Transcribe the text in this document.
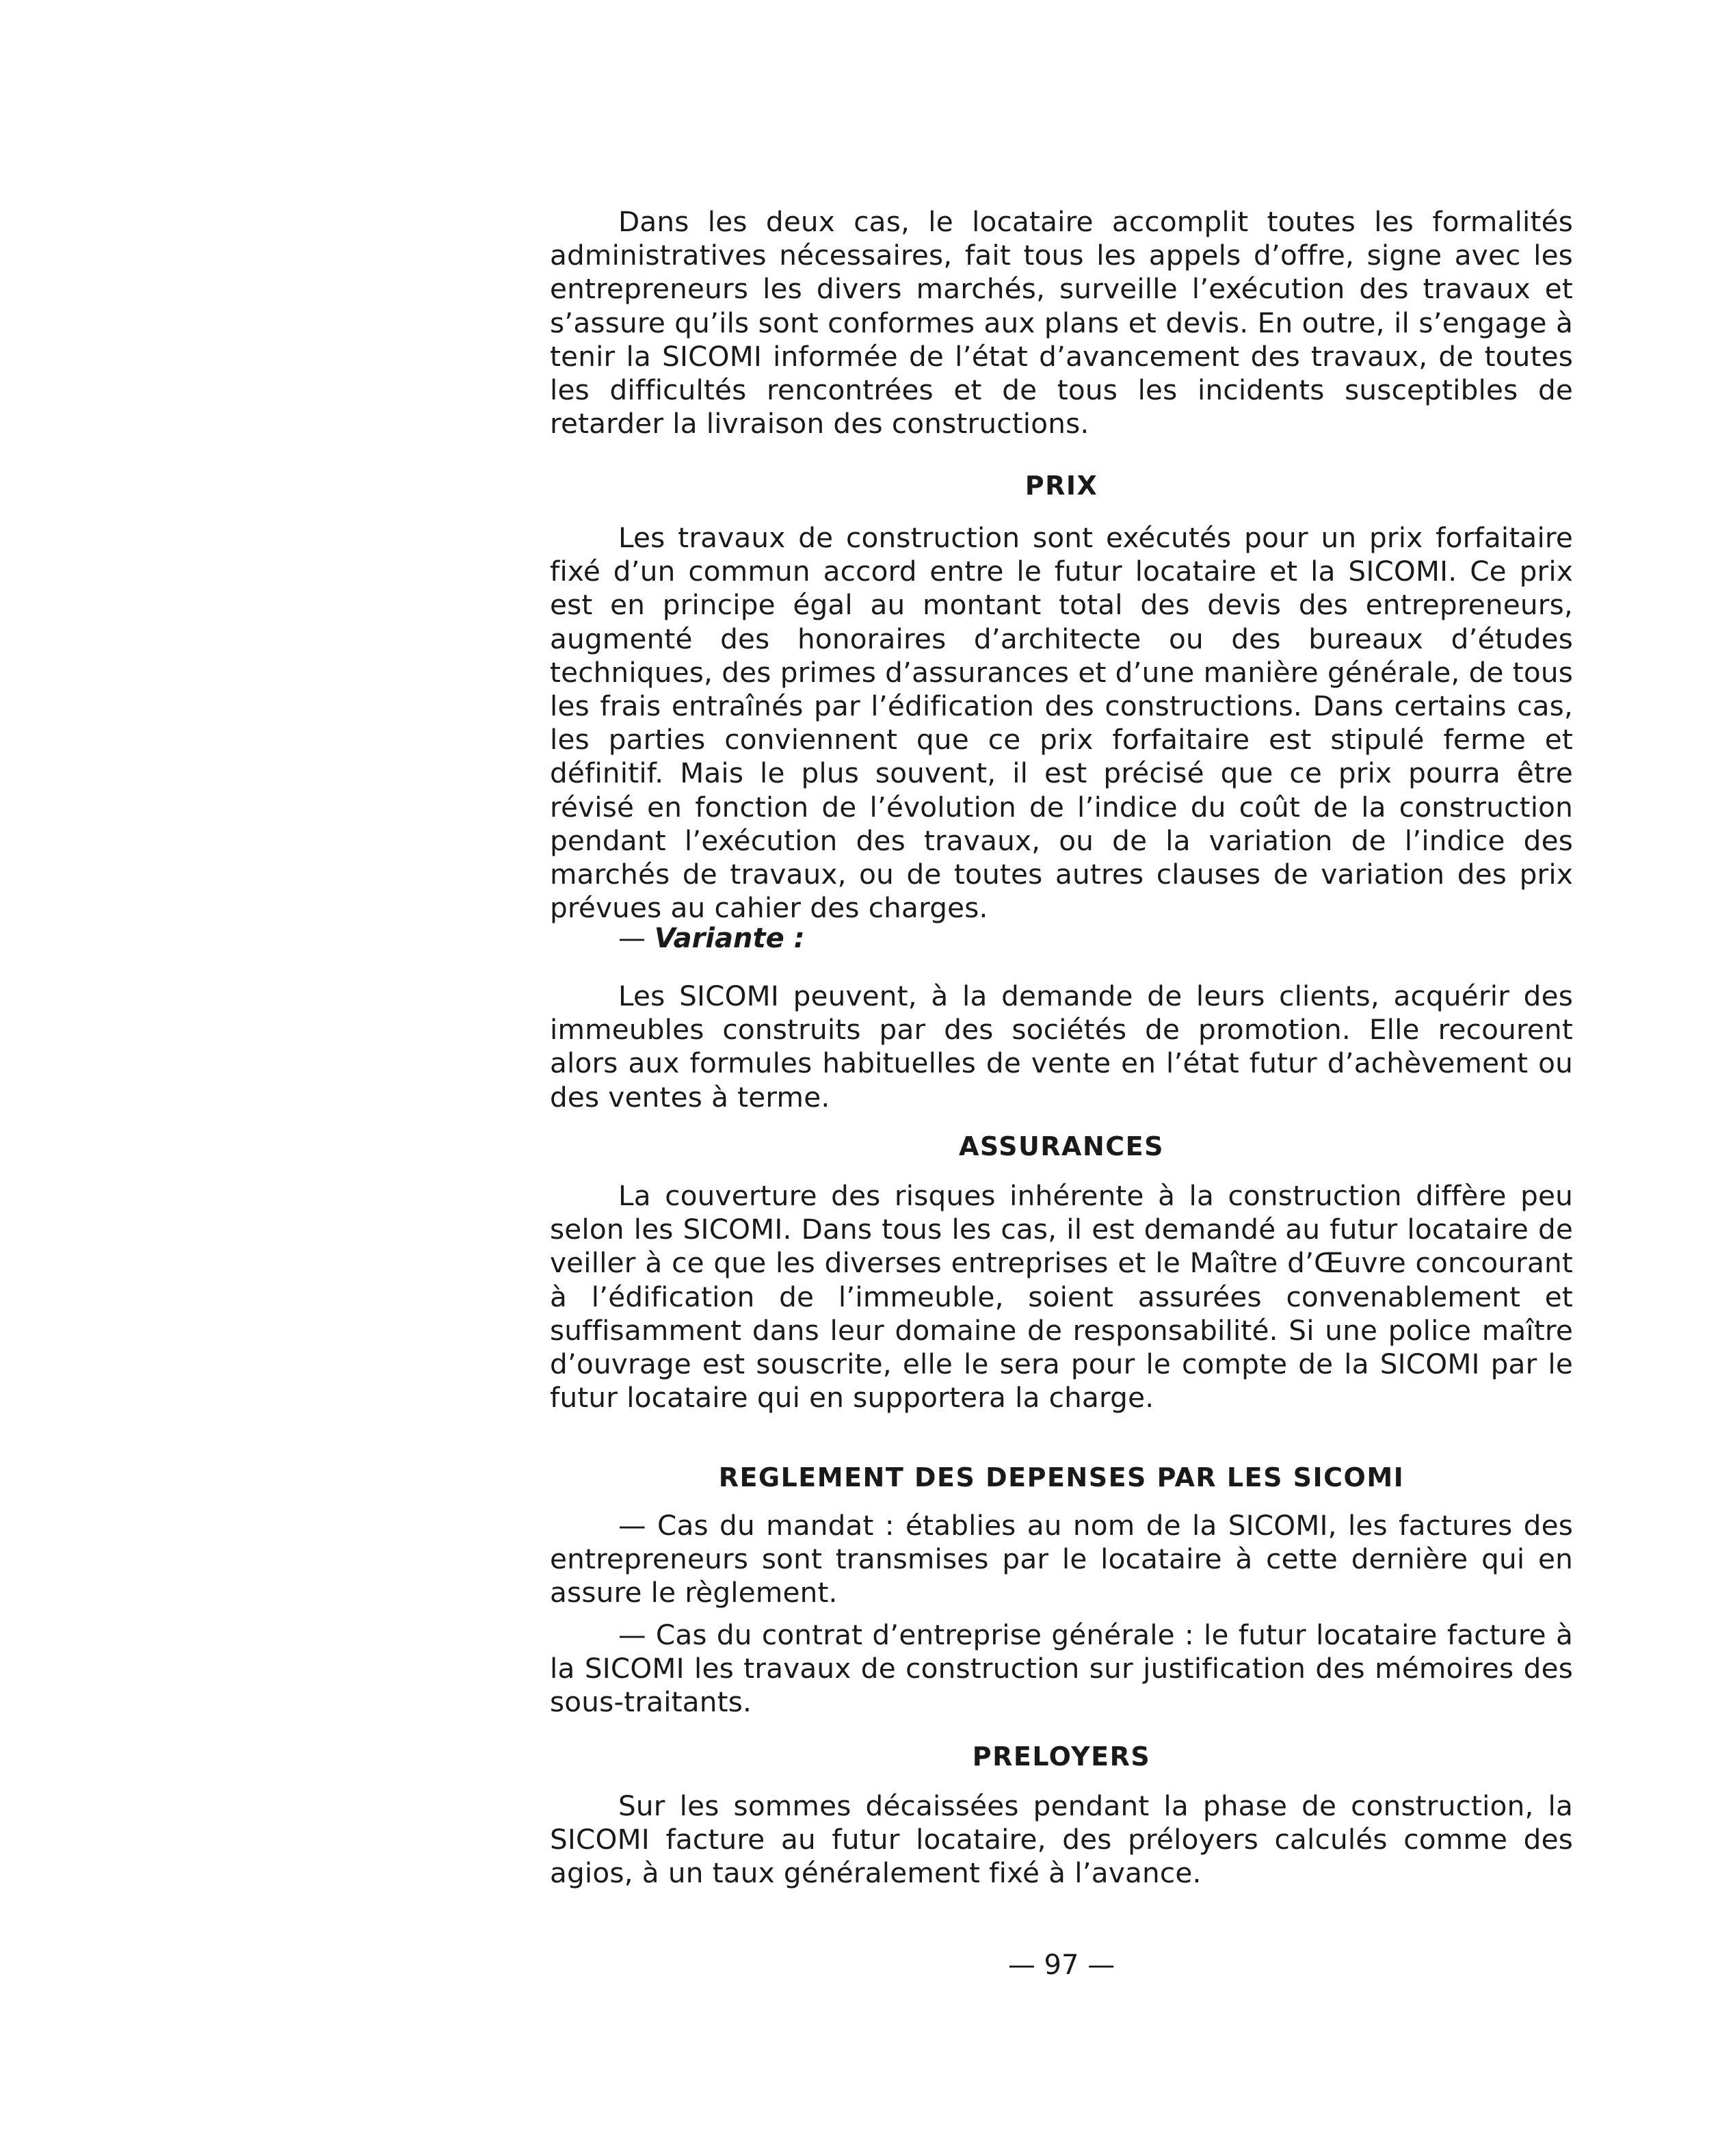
Dans les deux cas, le locataire accomplit toutes les formalités administratives nécessaires, fait tous les appels d’offre, signe avec les entrepreneurs les divers marchés, surveille l’exécution des travaux et s’assure qu’ils sont conformes aux plans et devis. En outre, il s’engage à tenir la SICOMI informée de l’état d’avancement des travaux, de toutes les difficultés rencontrées et de tous les incidents susceptibles de retarder la livraison des constructions.

PRIX

Les travaux de construction sont exécutés pour un prix forfaitaire fixé d’un commun accord entre le futur locataire et la SICOMI. Ce prix est en principe égal au montant total des devis des entrepreneurs, augmenté des honoraires d’architecte ou des bureaux d’études techniques, des primes d’assurances et d’une manière générale, de tous les frais entraînés par l’édification des constructions. Dans certains cas, les parties conviennent que ce prix forfaitaire est stipulé ferme et définitif. Mais le plus souvent, il est précisé que ce prix pourra être révisé en fonction de l’évolution de l’indice du coût de la construction pendant l’exécution des travaux, ou de la variation de l’indice des marchés de travaux, ou de toutes autres clauses de variation des prix prévues au cahier des charges.

— Variante :

Les SICOMI peuvent, à la demande de leurs clients, acquérir des immeubles construits par des sociétés de promotion. Elle recourent alors aux formules habituelles de vente en l’état futur d’achèvement ou des ventes à terme.

ASSURANCES

La couverture des risques inhérente à la construction diffère peu selon les SICOMI. Dans tous les cas, il est demandé au futur locataire de veiller à ce que les diverses entreprises et le Maître d’Œuvre concourant à l’édification de l’immeuble, soient assurées convenablement et suffisamment dans leur domaine de responsabilité. Si une police maître d’ouvrage est souscrite, elle le sera pour le compte de la SICOMI par le futur locataire qui en supportera la charge.

REGLEMENT DES DEPENSES PAR LES SICOMI

— Cas du mandat : établies au nom de la SICOMI, les factures des entrepreneurs sont transmises par le locataire à cette dernière qui en assure le règlement.

— Cas du contrat d’entreprise générale : le futur locataire facture à la SICOMI les travaux de construction sur justification des mémoires des sous-traitants.

PRELOYERS

Sur les sommes décaissées pendant la phase de construction, la SICOMI facture au futur locataire, des préloyers calculés comme des agios, à un taux généralement fixé à l’avance.

— 97 —
